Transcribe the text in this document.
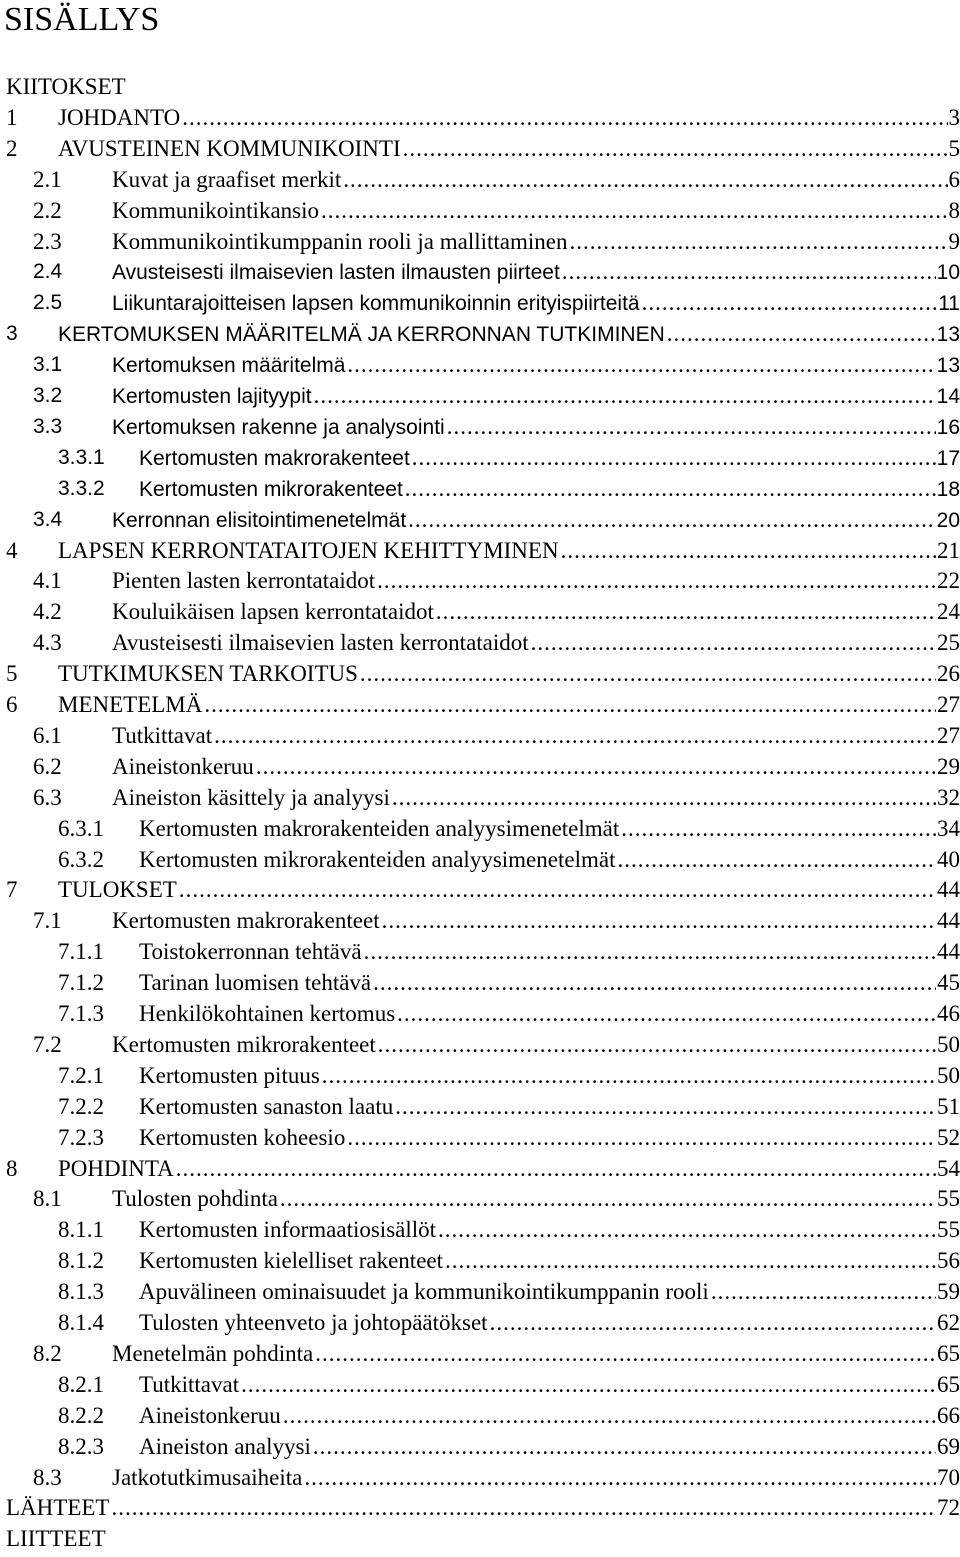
SISÄLLYS
KIITOKSET
1 JOHDANTO .....	3
2 AVUSTEINEN KOMMUNIKOINTI .....	5
2.1 Kuvat ja graafiset merkit .....	6
2.2 Kommunikointikansio .....	8
2.3 Kommunikointikumppanin rooli ja mallittaminen .....	9
2.4 Avusteisesti ilmaisevien lasten ilmausten piirteet .....	10
2.5 Liikuntarajoitteisen lapsen kommunikoinnin erityispiirteitä .....	11
3 KERTOMUKSEN MÄÄRITELMÄ JA KERRONNAN TUTKIMINEN .....	13
3.1 Kertomuksen määritelmä .....	13
3.2 Kertomusten lajityypit .....	14
3.3 Kertomuksen rakenne ja analysointi .....	16
3.3.1 Kertomusten makrorakenteet .....	17
3.3.2 Kertomusten mikrorakenteet .....	18
3.4 Kerronnan elisitointimenetelmät .....	20
4 LAPSEN KERRONTATAITOJEN KEHITTYMINEN .....	21
4.1 Pienten lasten kerrontataidot .....	22
4.2 Kouluikäisen lapsen kerrontataidot .....	24
4.3 Avusteisesti ilmaisevien lasten kerrontataidot .....	25
5 TUTKIMUKSEN TARKOITUS .....	26
6 MENETELMÄ .....	27
6.1 Tutkittavat .....	27
6.2 Aineistonkeruu .....	29
6.3 Aineiston käsittely ja analyysi .....	32
6.3.1 Kertomusten makrorakenteiden analyysimenetelmät .....	34
6.3.2 Kertomusten mikrorakenteiden analyysimenetelmät .....	40
7 TULOKSET .....	44
7.1 Kertomusten makrorakenteet .....	44
7.1.1 Toistokerronnan tehtävä .....	44
7.1.2 Tarinan luomisen tehtävä .....	45
7.1.3 Henkilökohtainen kertomus .....	46
7.2 Kertomusten mikrorakenteet .....	50
7.2.1 Kertomusten pituus .....	50
7.2.2 Kertomusten sanaston laatu .....	51
7.2.3 Kertomusten koheesio .....	52
8 POHDINTA .....	54
8.1 Tulosten pohdinta .....	55
8.1.1 Kertomusten informaatiosisällöt .....	55
8.1.2 Kertomusten kielelliset rakenteet .....	56
8.1.3 Apuvälineen ominaisuudet ja kommunikointikumppanin rooli .....	59
8.1.4 Tulosten yhteenveto ja johtopäätökset .....	62
8.2 Menetelmän pohdinta .....	65
8.2.1 Tutkittavat .....	65
8.2.2 Aineistonkeruu .....	66
8.2.3 Aineiston analyysi .....	69
8.3 Jatkotutkimusaiheita .....	70
LÄHTEET .....	72
LIITTEET
